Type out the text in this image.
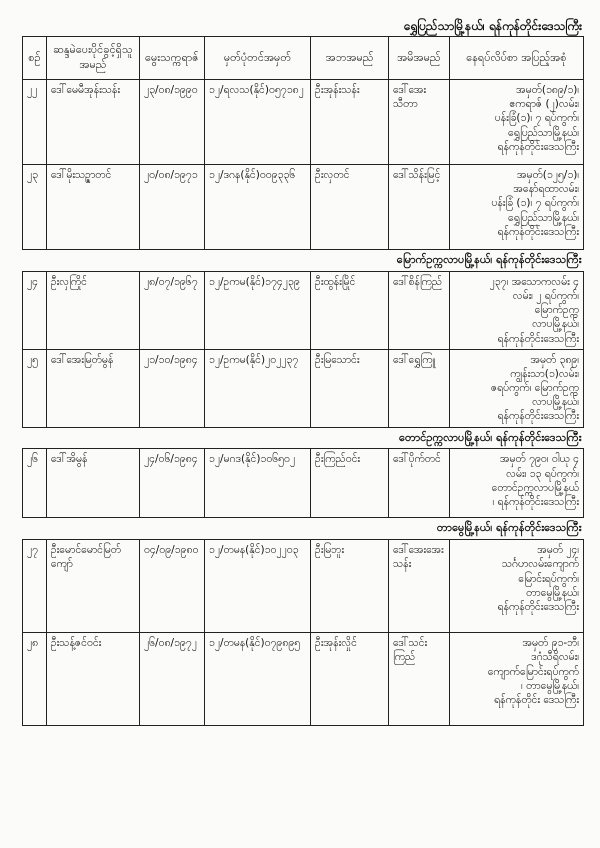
ရွှေပြည်သာမြို့နယ်၊ ရန်ကုန်တိုင်းဒေသကြီး
စဉ်	ဆန္ဒမဲပေးပိုင်ခွင့်ရှိသူအမည်	မွေးသက္ကရာဇ်	မှတ်ပုံတင်အမှတ်	အဘအမည်	အမိအမည်	နေရပ်လိပ်စာ အပြည့်အစုံ
၂၂	ဒေါ်မေမီအုန်းသန်း	၂၃/၀၈/၁၉၉၀	၁၂/ရလသ(နိုင်)၀၅၇၁၈၂	ဦးအုန်းသန်း	ဒေါ်အေး သီတာ	အမှတ်(၁၈၉/၁)၊
ဧကရာဇ် (၂)လမ်း၊
ပန်းခြံ(၁)၊ ၇ ရပ်ကွက်၊
ရွှေပြည်သာမြို့နယ်၊
ရန်ကုန်တိုင်းဒေသကြီး

၂၃	ဒေါ်မိုးသဉ္ဇာတင်	၂၀/၀၈/၁၉၇၁	၁၂/ဒဂန(နိုင်)၀၀၉၃၃၆	ဦးလှတင်	ဒေါ်သိန်းမြင့်	အမှတ်(၁၂၅/၁)၊
အနော်ရထာလမ်း၊
ပန်းခြံ (၁)၊ ၇ ရပ်ကွက်၊
ရွှေပြည်သာမြို့နယ်၊
ရန်ကုန်တိုင်းဒေသကြီး

မြောက်ဥက္ကလာပမြို့နယ်၊ ရန်ကုန်တိုင်းဒေသကြီး						
၂၄	ဦးလှကြိုင်	၂၈/၀၇/၁၉၆၇	၁၂/ဥကမ(နိုင်)၁၇၄၂၃၉	ဦးထွန်းမြိုင်	ဒေါ်စိန်ကြည်	၂၃၇၊ အသောကလမ်း ၄
လမ်း၊ ၂ ရပ်ကွက်၊
မြောက်ဥက္က
လာပမြို့နယ်၊
ရန်ကုန်တိုင်းဒေသကြီး

၂၅	ဒေါ်အေးမြတ်မွန်	၂၁/၁၀/၁၉၈၄	၁၂/ဥကမ(နိုင်)၂၀၂၂၃၇	ဦးမြသောင်း	ဒေါ်ရွှေကြူ	အမှတ် ၃၈၉၊
ကျွန်းသာ(၁)လမ်း၊
ဇရပ်ကွက်၊ မြောက်ဥက္က
လာပမြို့နယ်၊
ရန်ကုန်တိုင်းဒေသကြီး

တောင်ဥက္ကလာပမြို့နယ်၊ ရန်ကုန်တိုင်းဒေသကြီး						
၂၆	ဒေါ်အိမွန်	၂၄/၀၆/၁၉၈၄	၁၂/မဂဒ(နိုင်)၁၀၆၅၀၂	ဦးကြည်ဝင်း	ဒေါ်ပိုက်တင်	အမှတ် ၇၉၀၊ ဝါယု ၄
လမ်း၊ ၁၃ ရပ်ကွက်၊
တောင်ဥက္ကလာပမြို့နယ်
၊ ရန်ကုန်တိုင်းဒေသကြီး

တာမွေမြို့နယ်၊ ရန်ကုန်တိုင်းဒေသကြီး						
၂၇	ဦးမောင်မောင်မြတ်ကျော်	၀၄/၀၉/၁၉၈၀	၁၂/တမန(နိုင်)၁၀၂၂၀၃	ဦးမြဘူး	ဒေါ်အေးအေး သန်း	အမှတ် ၂၄၊
သင်္ဂဟလမ်းကျောက်
မြောင်းရပ်ကွက်၊
တာမွေမြို့နယ်၊
ရန်ကုန်တိုင်းဒေသကြီး

၂၈	ဦးသန့်ဇင်ဝင်း	၂၆/၀၈/၁၉၇၂	၁၂/တမန(နိုင်)၀၇၉၈၉၅	ဦးအုန်းလှိုင်	ဒေါ်သင်း ကြည်	အမှတ် ၉၁-ဘီ၊
ဒဂုံသီရိလမ်း၊
ကျောက်မြောင်းရပ်ကွက်
၊ တာမွေမြို့နယ်၊
ရန်ကုန်တိုင်း ဒေသကြီး
